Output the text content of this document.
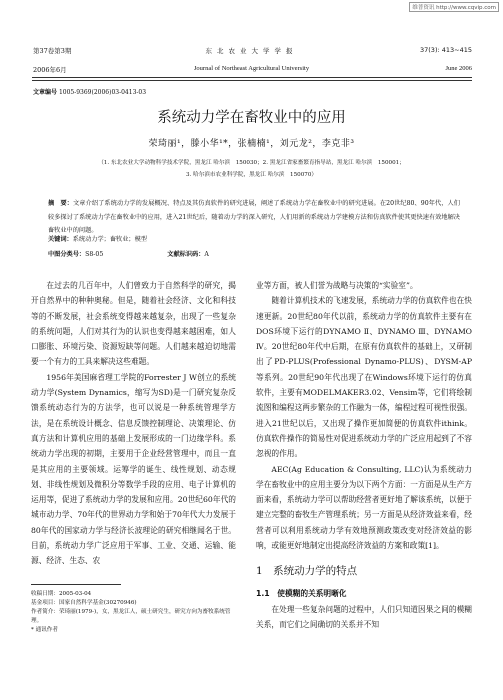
维普资讯 http://www.cqvip.com
第37卷第3期	东北农业大学学报	37(3): 413~415
2006年6月	Journal of Northeast Agricultural University	June 2006
文章编号 1005-9369(2006)03-0413-03
系统动力学在畜牧业中的应用
荣琦丽¹，滕小华¹*，张楠楠¹，刘元龙²，李克非³
（1. 东北农业大学动物科学技术学院，黑龙江 哈尔滨　150030；2. 黑龙江省家畜繁育指导站，黑龙江 哈尔滨　150001；
3. 哈尔滨市农业科学院，黑龙江 哈尔滨　150070）
摘　要：文章介绍了系统动力学的发展概况、特点及其仿真软件的研究进展，阐述了系统动力学在畜牧业中的研究进展。在20世纪80、90年代，人们较多探讨了系统动力学在畜牧业中的应用，进入21世纪后，随着动力学的深入研究，人们用新的系统动力学建模方法和仿真软件使其更快速有效地解决畜牧业中的问题。
关键词：系统动力学；畜牧业；模型
中图分类号：S8-05	文献标识码：A

在过去的几百年中，人们曾致力于自然科学的研究，揭开自然界中的种种奥秘。但是，随着社会经济、文化和科技等的不断发展，社会系统变得越来越复杂，出现了一些复杂的系统问题，人们对其行为的认识也变得越来越困难，如人口膨胀、环境污染、资源短缺等问题。人们越来越迫切地需要一个有力的工具来解决这些难题。

1956年美国麻省理工学院的Forrester J W创立的系统动力学(System Dynamics，缩写为SD)是一门研究复杂反馈系统动态行为的方法学，也可以说是一种系统管理学方法，是在系统设计概念、信息反馈控制理论、决策理论、仿真方法和计算机应用的基础上发展形成的一门边缘学科。系统动力学出现的初期，主要用于企业经营管理中，而且一直是其应用的主要领域。运筹学的诞生、线性规划、动态规划、非线性规划及微积分等数学手段的应用、电子计算机的运用等，促进了系统动力学的发展和应用。20世纪60年代的城市动力学、70年代的世界动力学和始于70年代大力发展于80年代的国家动力学与经济长波理论的研究相继闻名于世。目前，系统动力学广泛应用于军事、工业、交通、运输、能源、经济、生态、农

收稿日期：2005-03-04
基金项目：国家自然科学基金(30270946)
作者简介：荣琦丽(1979-)，女，黑龙江人，硕士研究生，研究方向为畜牧系统管理。
* 通讯作者

业等方面，被人们誉为战略与决策的“实验室”。

随着计算机技术的飞速发展，系统动力学的仿真软件也在快速更新。20世纪80年代以前，系统动力学的仿真软件主要有在DOS环境下运行的DYNAMO Ⅱ、DYNAMO Ⅲ、DYNAMO Ⅳ。20世纪80年代中后期，在原有仿真软件的基础上，又研制出了PD-PLUS(Professional Dynamo-PLUS)、DYSM-AP等系列。20世纪90年代出现了在Windows环境下运行的仿真软件，主要有MODELMAKER3.02、Vensim等，它们将绘制流图和编程这两步繁杂的工作融为一体，编程过程可视性很强。进入21世纪以后，又出现了操作更加简便的仿真软件ithink。仿真软件操作的简易性对促进系统动力学的广泛应用起到了不容忽视的作用。

AEC(Ag Education & Consulting, LLC)认为系统动力学在畜牧业中的应用主要分为以下两个方面：一方面是从生产方面来看，系统动力学可以帮助经营者更好地了解该系统，以便于建立完整的畜牧生产管理系统；另一方面是从经济效益来看，经营者可以利用系统动力学有效地预测政策改变对经济效益的影响，或能更好地制定出提高经济效益的方案和政策[1]。

1　系统动力学的特点
1.1　使模糊的关系明晰化

在处理一些复杂问题的过程中，人们只知道因果之间的模糊关系，而它们之间确切的关系并不知
